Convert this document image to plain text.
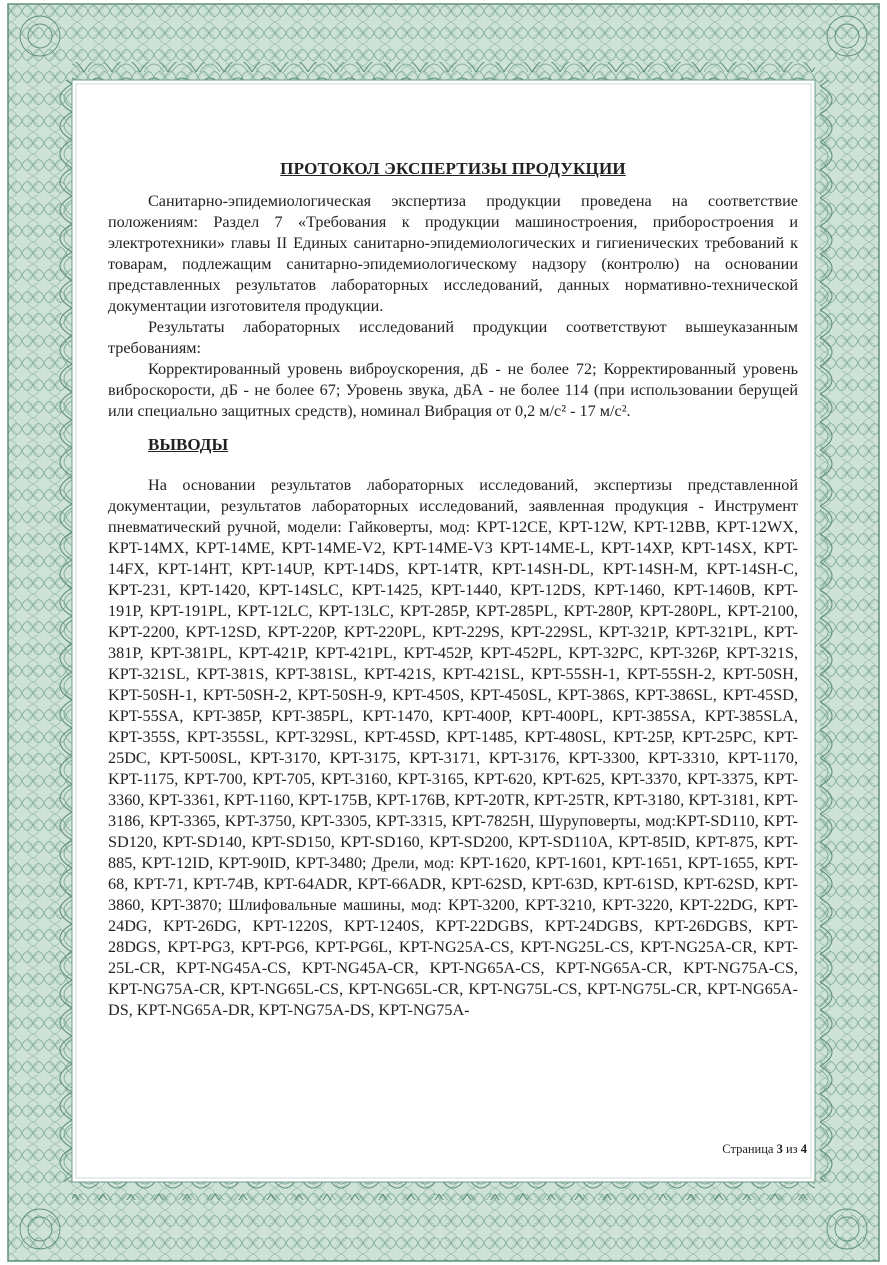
ПРОТОКОЛ ЭКСПЕРТИЗЫ ПРОДУКЦИИ

Санитарно-эпидемиологическая экспертиза продукции проведена на соответствие положениям: Раздел 7 «Требования к продукции машиностроения, приборостроения и электротехники» главы II Единых санитарно-эпидемиологических и гигиенических требований к товарам, подлежащим санитарно-эпидемиологическому надзору (контролю) на основании представленных результатов лабораторных исследований, данных нормативно-технической документации изготовителя продукции.

Результаты лабораторных исследований продукции соответствуют вышеуказанным требованиям:

Корректированный уровень виброускорения, дБ - не более 72; Корректированный уровень виброскорости, дБ - не более 67; Уровень звука, дБА - не более 114 (при использовании берущей или специально защитных средств), номинал Вибрация от 0,2 м/с² - 17 м/с².

ВЫВОДЫ

На основании результатов лабораторных исследований, экспертизы представленной документации, результатов лабораторных исследований, заявленная продукция - Инструмент пневматический ручной, модели: Гайковерты, мод: KPT-12CE, KPT-12W, KPT-12BB, KPT-12WX, KPT-14MX, KPT-14ME, KPT-14ME-V2, KPT-14ME-V3 KPT-14ME-L, KPT-14XP, KPT-14SX, KPT-14FX, KPT-14HT, KPT-14UP, KPT-14DS, KPT-14TR, KPT-14SH-DL, KPT-14SH-M, KPT-14SH-C, KPT-231, KPT-1420, KPT-14SLC, KPT-1425, KPT-1440, KPT-12DS, KPT-1460, KPT-1460B, KPT-191P, KPT-191PL, KPT-12LC, KPT-13LC, KPT-285P, KPT-285PL, KPT-280P, KPT-280PL, KPT-2100, KPT-2200, KPT-12SD, KPT-220P, KPT-220PL, KPT-229S, KPT-229SL, KPT-321P, KPT-321PL, KPT-381P, KPT-381PL, KPT-421P, KPT-421PL, KPT-452P, KPT-452PL, KPT-32PC, KPT-326P, KPT-321S, KPT-321SL, KPT-381S, KPT-381SL, KPT-421S, KPT-421SL, KPT-55SH-1, KPT-55SH-2, KPT-50SH, KPT-50SH-1, KPT-50SH-2, KPT-50SH-9, KPT-450S, KPT-450SL, KPT-386S, KPT-386SL, KPT-45SD, KPT-55SA, KPT-385P, KPT-385PL, KPT-1470, KPT-400P, KPT-400PL, KPT-385SA, KPT-385SLA, KPT-355S, KPT-355SL, KPT-329SL, KPT-45SD, KPT-1485, KPT-480SL, KPT-25P, KPT-25PC, KPT-25DC, KPT-500SL, KPT-3170, KPT-3175, KPT-3171, KPT-3176, KPT-3300, KPT-3310, KPT-1170, KPT-1175, KPT-700, KPT-705, KPT-3160, KPT-3165, KPT-620, KPT-625, KPT-3370, KPT-3375, KPT-3360, KPT-3361, KPT-1160, KPT-175B, KPT-176B, KPT-20TR, KPT-25TR, KPT-3180, KPT-3181, KPT-3186, KPT-3365, KPT-3750, KPT-3305, KPT-3315, KPT-7825H, Шуруповерты, мод:KPT-SD110, KPT-SD120, KPT-SD140, KPT-SD150, KPT-SD160, KPT-SD200, KPT-SD110A, KPT-85ID, KPT-875, KPT-885, KPT-12ID, KPT-90ID, KPT-3480; Дрели, мод: KPT-1620, KPT-1601, KPT-1651, KPT-1655, KPT-68, KPT-71, KPT-74B, KPT-64ADR, KPT-66ADR, KPT-62SD, KPT-63D, KPT-61SD, KPT-62SD, KPT-3860, KPT-3870; Шлифовальные машины, мод: KPT-3200, KPT-3210, KPT-3220, KPT-22DG, KPT-24DG, KPT-26DG, KPT-1220S, KPT-1240S, KPT-22DGBS, KPT-24DGBS, KPT-26DGBS, KPT-28DGS, KPT-PG3, KPT-PG6, KPT-PG6L, KPT-NG25A-CS, KPT-NG25L-CS, KPT-NG25A-CR, KPT-25L-CR, KPT-NG45A-CS, KPT-NG45A-CR, KPT-NG65A-CS, KPT-NG65A-CR, KPT-NG75A-CS, KPT-NG75A-CR, KPT-NG65L-CS, KPT-NG65L-CR, KPT-NG75L-CS, KPT-NG75L-CR, KPT-NG65A-DS, KPT-NG65A-DR, KPT-NG75A-DS, KPT-NG75A-

Страница 3 из 4
